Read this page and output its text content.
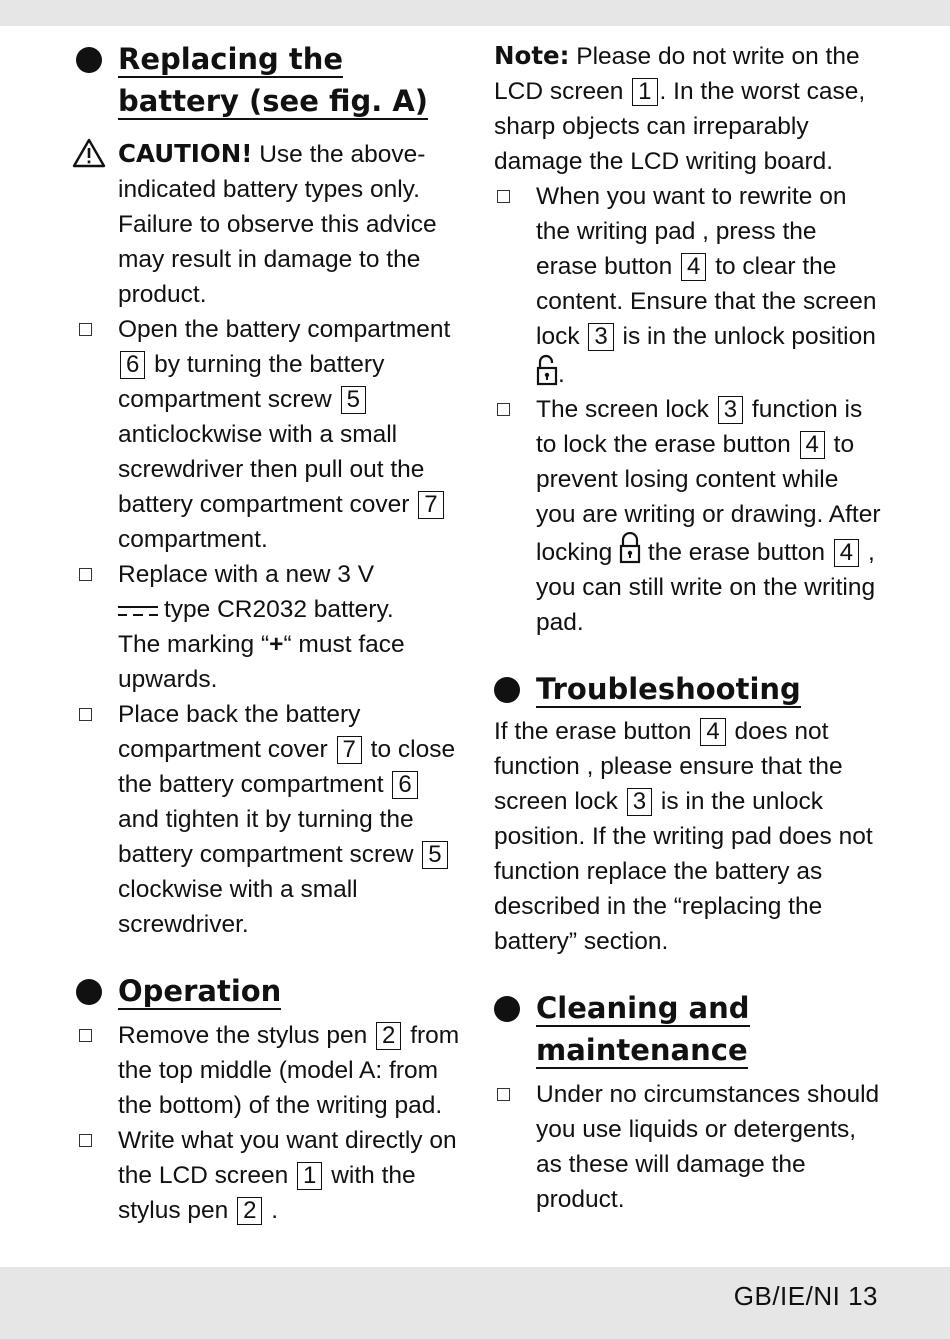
Replacing the
battery (see fig. A)
CAUTION! Use the above-indicated battery types only. Failure to observe this advice may result in damage to the product.
Open the battery compartment 6 by turning the battery compartment screw 5 anticlockwise with a small screwdriver then pull out the battery compartment cover 7 compartment.
Replace with a new 3 V
type CR2032 battery.
The marking “+“ must face upwards.
Place back the battery compartment cover 7 to close the battery compartment 6 and tighten it by turning the battery compartment screw 5 clockwise with a small screwdriver.
Operation
Remove the stylus pen 2 from the top middle (model A: from the bottom) of the writing pad.
Write what you want directly on the LCD screen 1 with the stylus pen 2 .

Note: Please do not write on the LCD screen 1 . In the worst case, sharp objects can irreparably damage the LCD writing board.

When you want to rewrite on the writing pad , press the erase button 4 to clear the content. Ensure that the screen lock 3 is in the unlock position .
The screen lock 3 function is to lock the erase button 4 to prevent losing content while you are writing or drawing. After locking  the erase button 4 , you can still write on the writing pad.
Troubleshooting

If the erase button 4 does not function , please ensure that the screen lock 3 is in the unlock position. If the writing pad does not function replace the battery as described in the “replacing the battery” section.

Cleaning and
maintenance
Under no circumstances should you use liquids or detergents, as these will damage the product.
GB/IE/NI 13
